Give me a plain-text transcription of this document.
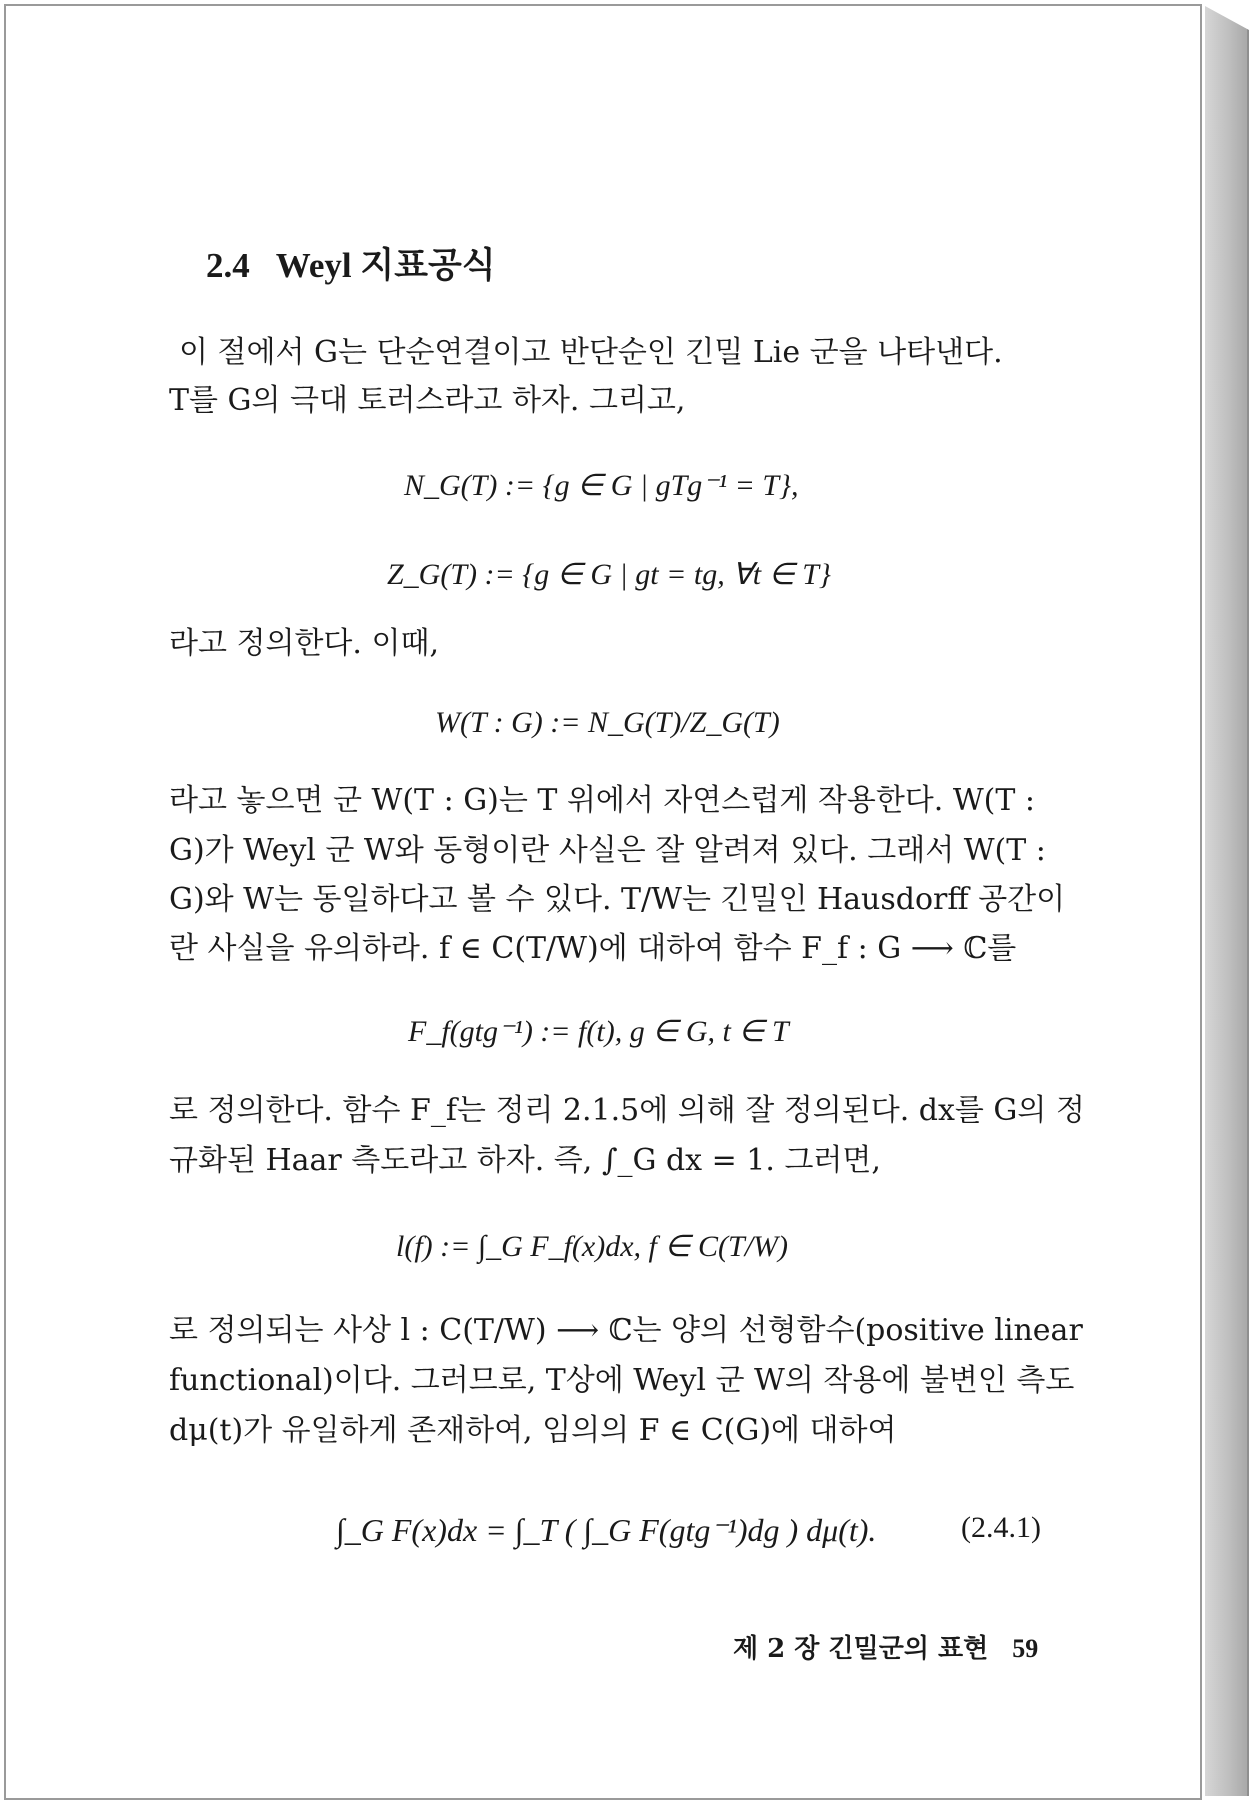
2.4 Weyl 지표공식
이 절에서 G는 단순연결이고 반단순인 긴밀 Lie 군을 나타낸다.
T를 G의 극대 토러스라고 하자. 그리고,
N_G(T) := {g ∈ G | gTg⁻¹ = T},
Z_G(T) := {g ∈ G | gt = tg, ∀t ∈ T}
라고 정의한다. 이때,
W(T : G) := N_G(T)/Z_G(T)
라고 놓으면 군 W(T : G)는 T 위에서 자연스럽게 작용한다. W(T :
G)가 Weyl 군 W와 동형이란 사실은 잘 알려져 있다. 그래서 W(T :
G)와 W는 동일하다고 볼 수 있다. T/W는 긴밀인 Hausdorff 공간이
란 사실을 유의하라. f ∈ C(T/W)에 대하여 함수 F_f : G ⟶ ℂ를
F_f(gtg⁻¹) := f(t), g ∈ G, t ∈ T
로 정의한다. 함수 F_f는 정리 2.1.5에 의해 잘 정의된다. dx를 G의 정
규화된 Haar 측도라고 하자. 즉, ∫_G dx = 1. 그러면,
l(f) := ∫_G F_f(x)dx, f ∈ C(T/W)
로 정의되는 사상 l : C(T/W) ⟶ ℂ는 양의 선형함수(positive linear
functional)이다. 그러므로, T상에 Weyl 군 W의 작용에 불변인 측도
dμ(t)가 유일하게 존재하여, 임의의 F ∈ C(G)에 대하여
∫_G F(x)dx = ∫_T ( ∫_G F(gtg⁻¹)dg ) dμ(t).	(2.4.1)
제 2 장 긴밀군의 표현 59
